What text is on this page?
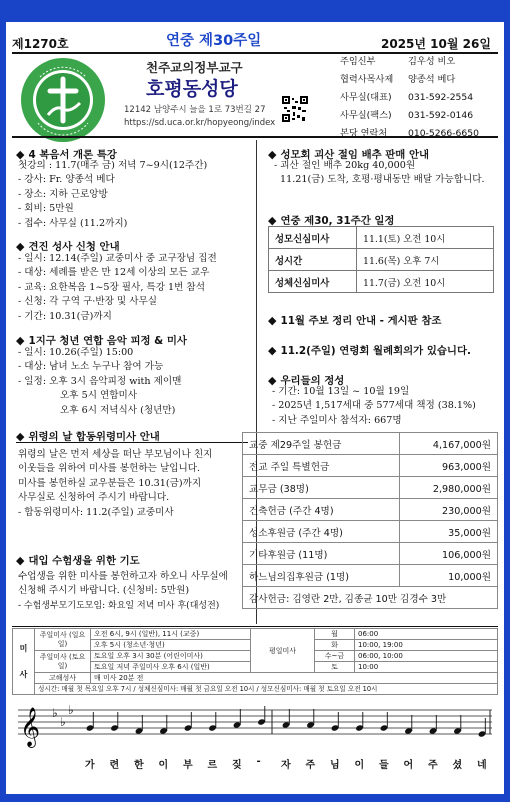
제1270호	연중 제30주일	2025년 10월 26일
천주교의정부교구
호평동성당
12142 남양주시 늘을 1로 73번길 27
https://sd.uca.or.kr/hopyeong/index
주임신부	김우성 비오
협력사목사제 양종석 베다
사무실(대표) 031-592-2554
사무실(팩스) 031-592-0146
본당 연락처 010-5266-6650
◆ 4 복음서 개론 특강
첫강의 : 11.7(매주 금) 저녁 7~9시(12주간)
- 강사: Fr. 양종석 베다
- 장소: 지하 근로앙방
- 회비: 5만원
- 접수: 사무실 (11.2까지)
◆ 견진 성사 신청 안내
- 일시: 12.14(주일) 교중미사 중 교구장님 집전
- 대상: 세례를 받은 만 12세 이상의 모든 교우
- 교육: 요한복음 1~5장 필사, 특강 1번 참석
- 신청: 각 구역 구·반장 및 사무실
- 기간: 10.31(금)까지
◆ 1지구 청년 연합 음악 피정 & 미사
- 일시: 10.26(주일) 15:00
- 대상: 남녀 노소 누구나 참여 가능
- 일정: 오후 3시 음악피정 with 제이맨
오후 5시 연합미사
오후 6시 저녁식사 (청년만)
◆ 위령의 날 합동위령미사 안내
위령의 날은 먼저 세상을 떠난 부모님이나 친지
이웃들을 위하여 미사를 봉헌하는 날입니다.
미사를 봉헌하실 교우분들은 10.31(금)까지
사무실로 신청하여 주시기 바랍니다.
- 합동위령미사: 11.2(주일) 교중미사
◆ 대입 수험생을 위한 기도
수업생을 위한 미사를 봉헌하고자 하오니 사무실에
신청해 주시기 바랍니다. (신청비: 5만원)
- 수험생부모기도모임: 화요일 저녁 미사 후(대성전)
◆ 성모회 괴산 절임 배추 판매 안내
- 괴산 절인 배추 20kg 40,000원
11.21(금) 도착, 호평·평내동만 배달 가능합니다.
◆ 연중 제30, 31주간 일정
성모신심미사	11.1(토) 오전 10시
성시간	11.6(목) 오후 7시
성체신심미사	11.7(금) 오전 10시
◆ 11월 주보 정리 안내 - 게시판 참조
◆ 11.2(주일) 연령회 월례회의가 있습니다.
◆ 우리들의 정성
- 기간: 10월 13일 ~ 10월 19일
- 2025년 1,517세대 중 577세대 책정 (38.1%)
- 지난 주일미사 참석자: 667명
교중 제29주일 봉헌금	4,167,000원
전교 주일 특별헌금	963,000원
교무금 (38명)	2,980,000원
건축헌금 (주간 4명)	230,000원
성소후원금 (주간 4명)	35,000원
기타후원금 (11명)	106,000원
하느님의집후원금 (1명)	10,000원
감사헌금: 김영란 2만, 김종균 10만 김경수 3만	
미
사	주일미사 (일요일)	오전 6시, 9시 (일반), 11시 (교중)	평일미사	월	06:00
		오후 5시 (청소년·청년)		화	10:00, 19:00
	주일미사 (토요일)	토요일 오후 3시 30분 (어린이미사)		수~금	06:00, 10:00
		토요일 저녁 주일미사 오후 6시 (일반)		토	10:00
	고해성사	매 미사 20분 전			
	성시간: 매월 첫 목요일 오후 7시 / 성체신심미사: 매월 첫 금요일 오전 10시 / 성모신심미사: 매월 첫 토요일 오전 10시				
𝄞 ♭
♭
♭
가 련 한 이 부 르 짖 - 자 주 님 이 들 어 주 셨 네
